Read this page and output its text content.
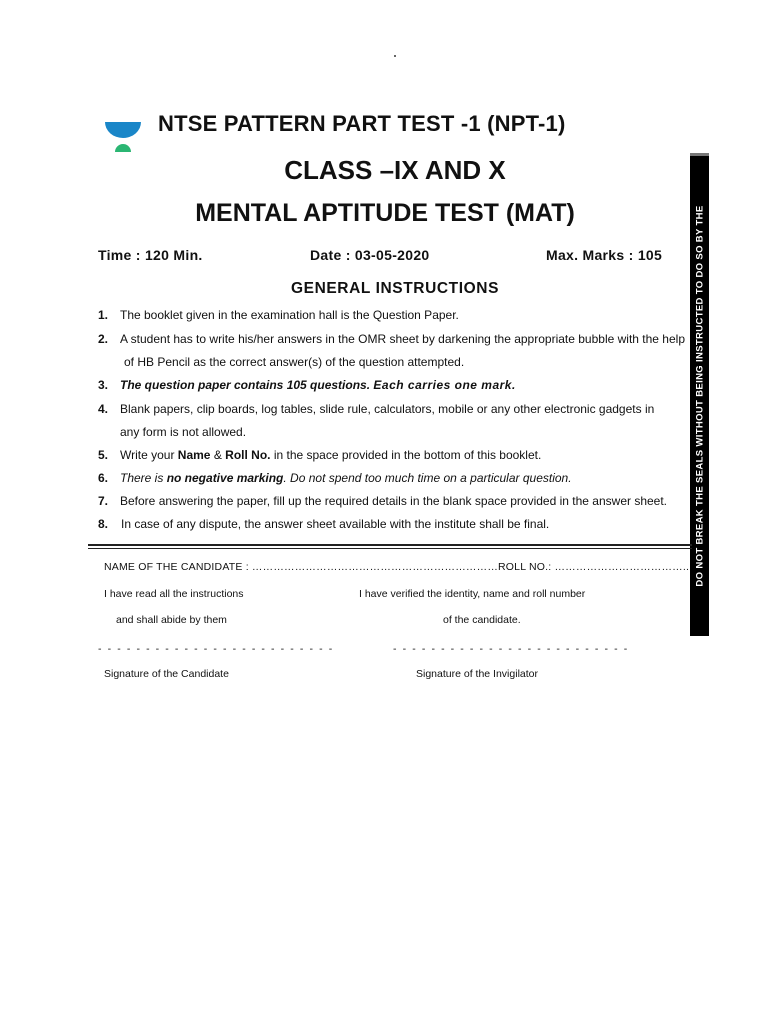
NTSE PATTERN PART TEST -1 (NPT-1)
CLASS –IX AND X
MENTAL APTITUDE TEST (MAT)
Time : 120 Min.	Date : 03-05-2020	Max. Marks : 105
GENERAL INSTRUCTIONS
1. The booklet given in the examination hall is the Question Paper.
2. A student has to write his/her answers in the OMR sheet by darkening the appropriate bubble with the help
of HB Pencil as the correct answer(s) of the question attempted.
3. The question paper contains 105 questions. Each carries one mark.
4. Blank papers, clip boards, log tables, slide rule, calculators, mobile or any other electronic gadgets in
any form is not allowed.
5. Write your Name & Roll No. in the space provided in the bottom of this booklet.
6. There is no negative marking. Do not spend too much time on a particular question.
7. Before answering the paper, fill up the required details in the blank space provided in the answer sheet.
8. In case of any dispute, the answer sheet available with the institute shall be final.	DO NOT BREAK THE SEALS WITHOUT BEING INSTRUCTED TO DO SO BY THE
NAME OF THE CANDIDATE : ……………………………………………………………ROLL NO.: ………………………………..
I have read all the instructions
and shall abide by them
I have verified the identity, name and roll number
of the candidate.
- - - - - - - - - - - - - - - - - - - - - - - - -	- - - - - - - - - - - - - - - - - - - - - - - - -
Signature of the Candidate	Signature of the Invigilator
